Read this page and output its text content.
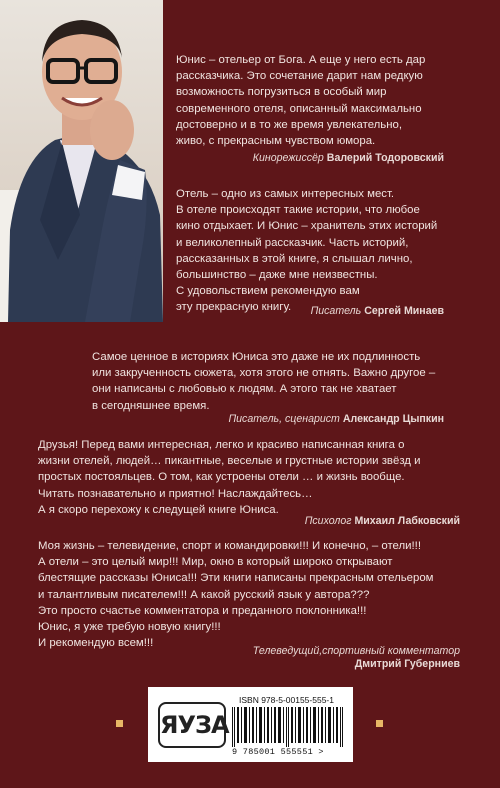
Юнис – отельер от Бога. А еще у него есть дар

рассказчика. Это сочетание дарит нам редкую

возможность погрузиться в особый мир

современного отеля, описанный максимально

достоверно и в то же время увлекательно,

живо, с прекрасным чувством юмора.

Кинорежиссёр Валерий Тодоровский

Отель – одно из самых интересных мест.

В отеле происходят такие истории, что любое

кино отдыхает. И Юнис – хранитель этих историй

и великолепный рассказчик. Часть историй,

рассказанных в этой книге, я слышал лично,

большинство – даже мне неизвестны.

С удовольствием рекомендую вам

эту прекрасную книгу.	Писатель Сергей Минаев

Самое ценное в историях Юниса это даже не их подлинность

или закрученность сюжета, хотя этого не отнять. Важно другое –

они написаны с любовью к людям. А этого так не хватает

в сегодняшнее время.

Писатель, сценарист Александр Цыпкин

Друзья! Перед вами интересная, легко и красиво написанная книга о

жизни отелей, людей… пикантные, веселые и грустные истории звёзд и

простых постояльцев. О том, как устроены отели … и жизнь вообще.

Читать познавательно и приятно! Наслаждайтесь…

А я скоро перехожу к следущей книге Юниса.

Психолог Михаил Лабковский

Моя жизнь – телевидение, спорт и командировки!!! И конечно, – отели!!!

А отели – это целый мир!!! Мир, окно в который широко открывают

блестящие рассказы Юниса!!! Эти книги написаны прекрасным отельером

и талантливым писателем!!! А какой русский язык у автора???

Это просто счастье комментатора и преданного поклонника!!!

Юнис, я уже требую новую книгу!!!

И рекомендую всем!!!

Телеведущий,спортивный комментатор
Дмитрий Губерниев
ЯУЗА
ISBN 978-5-00155-555-1
9 785001 555551 >
